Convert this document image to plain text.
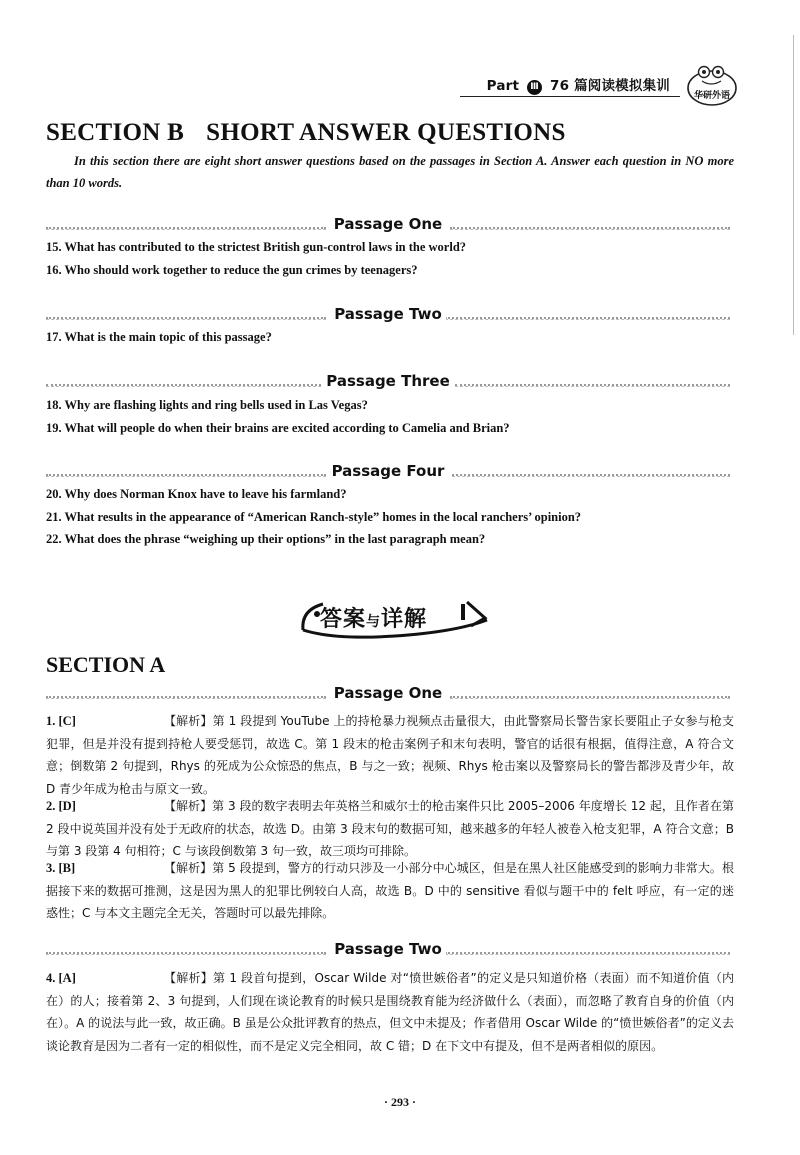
Part Ⅲ 76 篇阅读模拟集训
华研外语
SECTION B SHORT ANSWER QUESTIONS

In this section there are eight short answer questions based on the passages in Section A. Answer each question in NO more than 10 words.

Passage One

15. What has contributed to the strictest British gun-control laws in the world?

16. Who should work together to reduce the gun crimes by teenagers?

Passage Two

17. What is the main topic of this passage?

Passage Three

18. Why are flashing lights and ring bells used in Las Vegas?

19. What will people do when their brains are excited according to Camelia and Brian?

Passage Four

20. Why does Norman Knox have to leave his farmland?

21. What results in the appearance of “American Ranch-style” homes in the local ranchers’ opinion?

22. What does the phrase “weighing up their options” in the last paragraph mean?

答案与详解
SECTION A
Passage One
1. [C]	【解析】第 1 段提到 YouTube 上的持枪暴力视频点击量很大，由此警察局长警告家长要阻止子女参与枪支犯罪，但是并没有提到持枪人要受惩罚，故选 C。第 1 段末的枪击案例子和末句表明，警官的话很有根据，值得注意，A 符合文意；倒数第 2 句提到，Rhys 的死成为公众惊恐的焦点，B 与之一致；视频、Rhys 枪击案以及警察局长的警告都涉及青少年，故 D 青少年成为枪击与原文一致。

2. [D]	【解析】第 3 段的数字表明去年英格兰和威尔士的枪击案件只比 2005–2006 年度增长 12 起，且作者在第 2 段中说英国并没有处于无政府的状态，故选 D。由第 3 段末句的数据可知，越来越多的年轻人被卷入枪支犯罪，A 符合文意；B 与第 3 段第 4 句相符；C 与该段倒数第 3 句一致，故三项均可排除。

3. [B]	【解析】第 5 段提到，警方的行动只涉及一小部分中心城区，但是在黑人社区能感受到的影响力非常大。根据接下来的数据可推测，这是因为黑人的犯罪比例较白人高，故选 B。D 中的 sensitive 看似与题干中的 felt 呼应，有一定的迷惑性；C 与本文主题完全无关，答题时可以最先排除。

Passage Two
4. [A]	【解析】第 1 段首句提到，Oscar Wilde 对“愤世嫉俗者”的定义是只知道价格（表面）而不知道价值（内在）的人；接着第 2、3 句提到，人们现在谈论教育的时候只是围绕教育能为经济做什么（表面），而忽略了教育自身的价值（内在）。A 的说法与此一致，故正确。B 虽是公众批评教育的热点，但文中未提及；作者借用 Oscar Wilde 的“愤世嫉俗者”的定义去谈论教育是因为二者有一定的相似性，而不是定义完全相同，故 C 错；D 在下文中有提及，但不是两者相似的原因。

· 293 ·
